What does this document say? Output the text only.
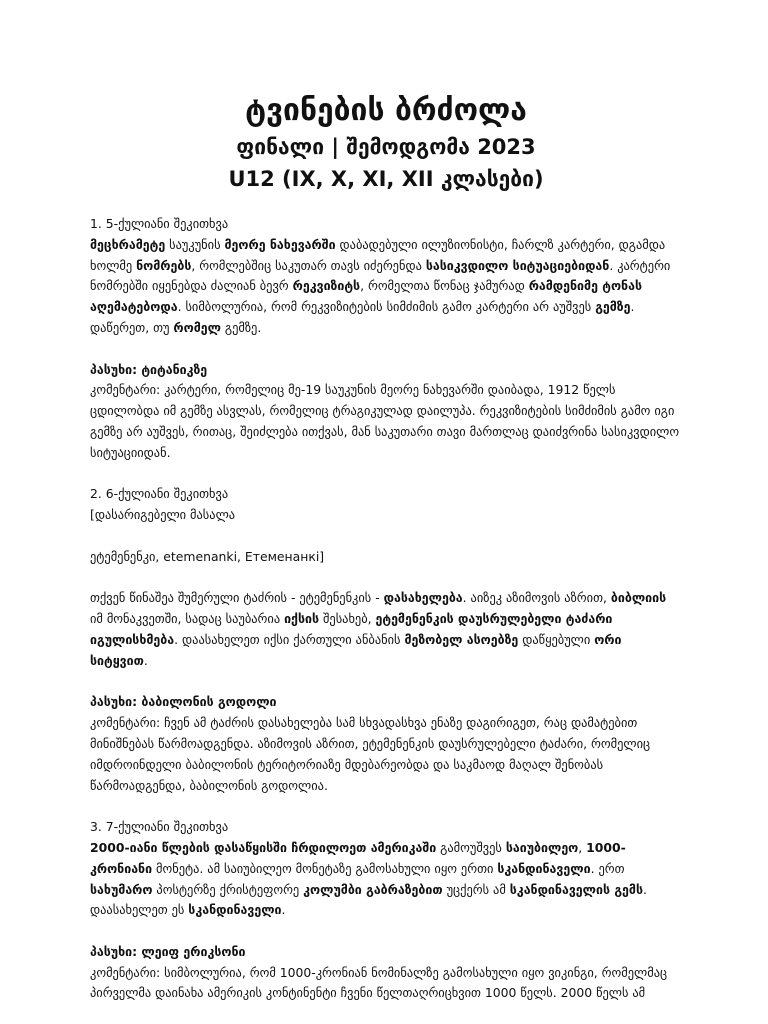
ტვინების ბრძოლა
ფინალი | შემოდგომა 2023
U12 (IX, X, XI, XII კლასები)

1. 5-ქულიანი შეკითხვა

მეცხრამეტე საუკუნის მეორე ნახევარში დაბადებული ილუზიონისტი, ჩარლზ კარტერი, დგამდა ხოლმე ნომრებს, რომლებშიც საკუთარ თავს იძერენდა სასიკვდილო სიტუაციებიდან. კარტერი ნომრებში იყენებდა ძალიან ბევრ რეკვიზიტს, რომელთა წონაც ჯამურად რამდენიმე ტონას აღემატებოდა. სიმბოლურია, რომ რეკვიზიტების სიმძიმის გამო კარტერი არ აუშვეს გემზე. დაწერეთ, თუ რომელ გემზე.

პასუხი: ტიტანიკზე

კომენტარი: კარტერი, რომელიც მე-19 საუკუნის მეორე ნახევარში დაიბადა, 1912 წელს ცდილობდა იმ გემზე ასვლას, რომელიც ტრაგიკულად დაილუპა. რეკვიზიტების სიმძიმის გამო იგი გემზე არ აუშვეს, რითაც, შეიძლება ითქვას, მან საკუთარი თავი მართლაც დაიძვრინა სასიკვდილო სიტუაციიდან.

2. 6-ქულიანი შეკითხვა

[დასარიგებელი მასალა

ეტემენენკი, etemenanki, Етеменанкі]

თქვენ წინაშეა შუმერული ტაძრის - ეტემენენკის - დასახელება. აიზეკ აზიმოვის აზრით, ბიბლიის იმ მონაკვეთში, სადაც საუბარია იქსის შესახებ, ეტემენენკის დაუსრულებელი ტაძარი იგულისხმება. დაასახელეთ იქსი ქართული ანბანის მეზობელ ასოებზე დაწყებული ორი სიტყვით.

პასუხი: ბაბილონის გოდოლი

კომენტარი: ჩვენ ამ ტაძრის დასახელება სამ სხვადასხვა ენაზე დაგირიგეთ, რაც დამატებით მინიშნებას წარმოადგენდა. აზიმოვის აზრით, ეტემენენკის დაუსრულებელი ტაძარი, რომელიც იმდროინდელი ბაბილონის ტერიტორიაზე მდებარეობდა და საკმაოდ მაღალ შენობას წარმოადგენდა, ბაბილონის გოდოლია.

3. 7-ქულიანი შეკითხვა

2000-იანი წლების დასაწყისში ჩრდილოეთ ამერიკაში გამოუშვეს საიუბილეო, 1000-კრონიანი მონეტა. ამ საიუბილეო მონეტაზე გამოსახული იყო ერთი სკანდინაველი. ერთ სახუმარო პოსტერზე ქრისტეფორე კოლუმბი გაბრაზებით უცქერს ამ სკანდინაველის გემს. დაასახელეთ ეს სკანდინაველი.

პასუხი: ლეიფ ერიკსონი

კომენტარი: სიმბოლურია, რომ 1000-კრონიან ნომინალზე გამოსახული იყო ვიკინგი, რომელმაც პირველმა დაინახა ამერიკის კონტინენტი ჩვენი წელთაღრიცხვით 1000 წელს. 2000 წელს ამ
